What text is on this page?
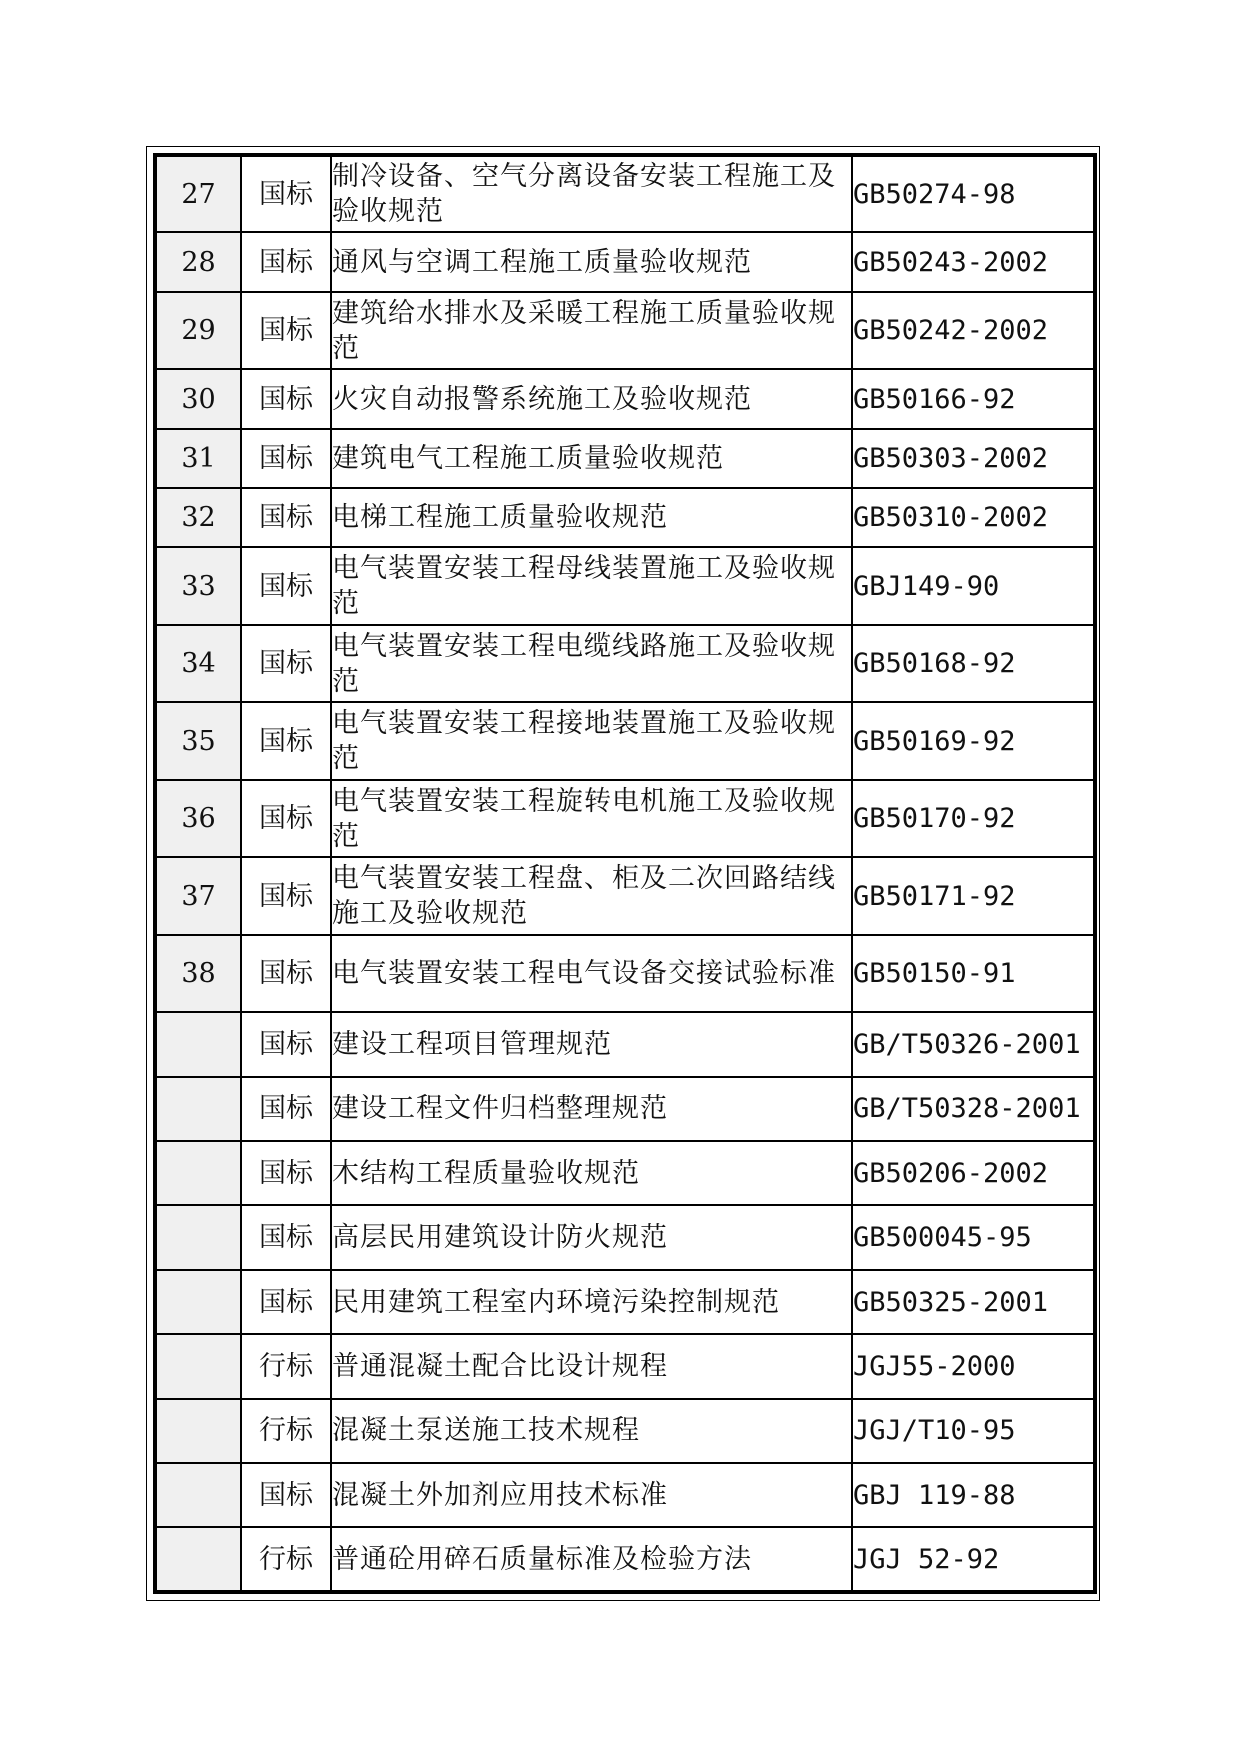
27	国标	制冷设备、空气分离设备安装工程施工及验收规范	GB50274-98
28	国标	通风与空调工程施工质量验收规范	GB50243-2002
29	国标	建筑给水排水及采暖工程施工质量验收规范	GB50242-2002
30	国标	火灾自动报警系统施工及验收规范	GB50166-92
31	国标	建筑电气工程施工质量验收规范	GB50303-2002
32	国标	电梯工程施工质量验收规范	GB50310-2002
33	国标	电气装置安装工程母线装置施工及验收规范	GBJ149-90
34	国标	电气装置安装工程电缆线路施工及验收规范	GB50168-92
35	国标	电气装置安装工程接地装置施工及验收规范	GB50169-92
36	国标	电气装置安装工程旋转电机施工及验收规范	GB50170-92
37	国标	电气装置安装工程盘、柜及二次回路结线施工及验收规范	GB50171-92
38	国标	电气装置安装工程电气设备交接试验标准	GB50150-91
	国标	建设工程项目管理规范	GB/T50326-2001
	国标	建设工程文件归档整理规范	GB/T50328-2001
	国标	木结构工程质量验收规范	GB50206-2002
	国标	高层民用建筑设计防火规范	GB500045-95
	国标	民用建筑工程室内环境污染控制规范	GB50325-2001
	行标	普通混凝土配合比设计规程	JGJ55-2000
	行标	混凝土泵送施工技术规程	JGJ/T10-95
	国标	混凝土外加剂应用技术标准	GBJ 119-88
	行标	普通砼用碎石质量标准及检验方法	JGJ 52-92
